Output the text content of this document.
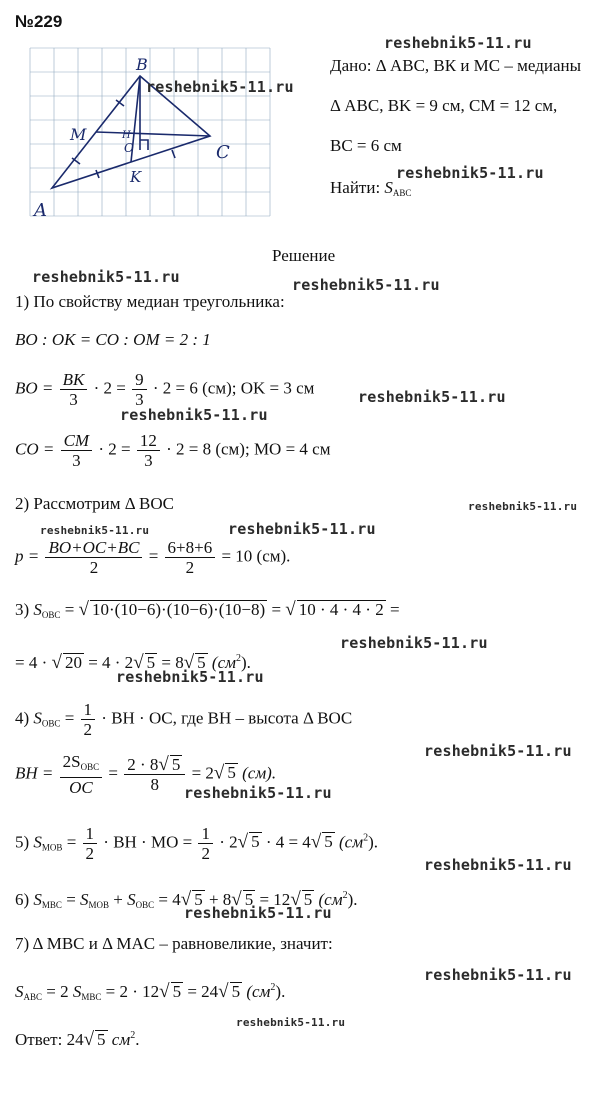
№229
B
C
A
M
O
H
K
Дано: Δ ABC, ВК и МС – медианы
Δ ABC, BK = 9 см, CM = 12 см,
BC = 6 см
Найти: $S_{ABC}$
Решение
1) По свойству медиан треугольника:
BO : OK = CO : OM = 2 : 1
BO = $\frac{BK}{3} \cdot 2 = \frac{9}{3} \cdot 2 = 6$ (см); OK = 3 см
CO = $\frac{CM}{3} \cdot 2 = \frac{12}{3} \cdot 2 = 8$ (см); MO = 4 см
2) Рассмотрим Δ BOC
$p = \frac{BO+OC+BC}{2} = \frac{6+8+6}{2} = 10$ (см).
3) $S_{OBC}$ = √ 10·(10−6)·(10−6)·(10−8) = √ 10 · 4 · 4 · 2 =
= 4 · √ 20 = 4 · 2√ 5 = 8√ 5 $(см^2)$.
4) $S_{OBC} = \frac{1}{2}$ · BH · OC, где BH – высота Δ BOC
BH = $\frac{2S_{OBC}}{OC} = \frac{2 \cdot 8√ 5}{8} = 2√$ 5 (см).
5) $S_{MOB} = \frac{1}{2}$ · BH · MO = $\frac{1}{2} \cdot 2√$ 5 · 4 = 4√ 5 $(см^2)$.
6) $S_{MBC} = S_{MOB} + S_{OBC} = 4√$ 5 + 8√ 5 = 12√ 5 $(см^2)$.
7) Δ MBC и Δ MAC – равновеликие, значит:
$S_{ABC} = 2$ $S_{MBC} = 2 \cdot 12√$ 5 = 24√ 5 $(см^2)$.
Ответ: 24√ 5 $см^2$.
reshebnik5-11.ru
reshebnik5-11.ru
reshebnik5-11.ru
reshebnik5-11.ru	reshebnik5-11.ru
reshebnik5-11.ru
reshebnik5-11.ru
reshebnik5-11.ru
reshebnik5-11.ru	reshebnik5-11.ru
reshebnik5-11.ru
reshebnik5-11.ru
reshebnik5-11.ru
reshebnik5-11.ru
reshebnik5-11.ru
reshebnik5-11.ru
reshebnik5-11.ru
reshebnik5-11.ru
